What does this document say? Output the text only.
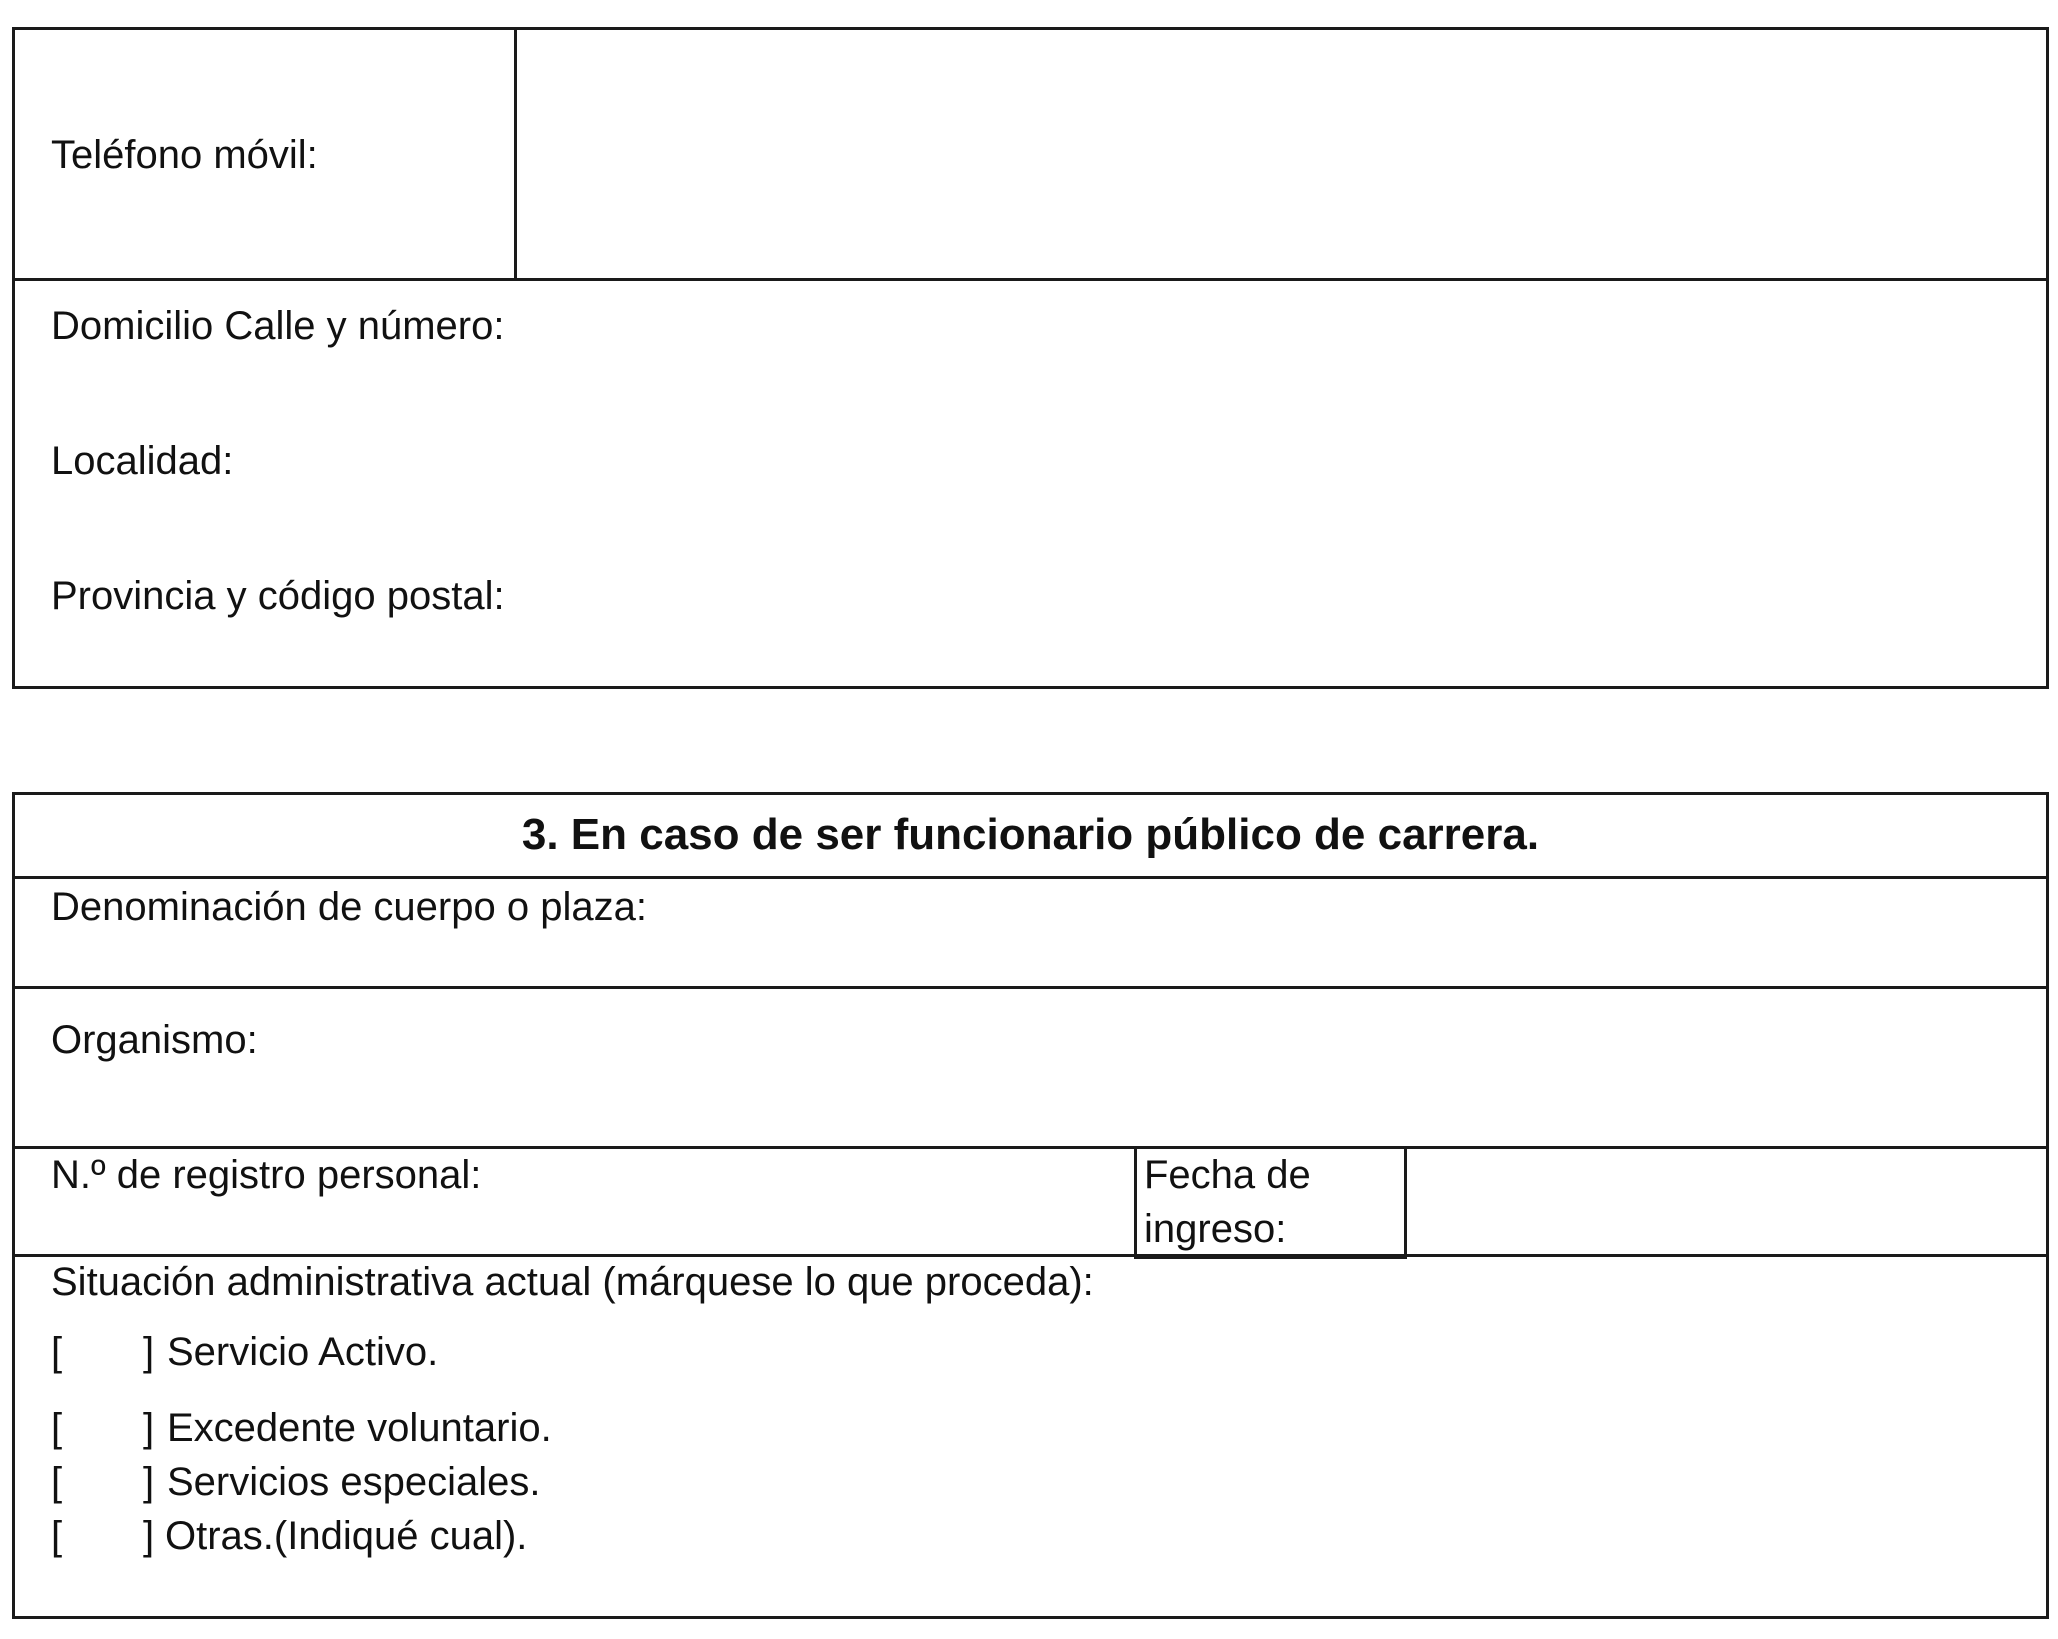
Teléfono móvil:
Domicilio Calle y número:
Localidad:
Provincia y código postal:
3. En caso de ser funcionario público de carrera.
Denominación de cuerpo o plaza:
Organismo:
N.º de registro personal:	Fecha de
ingreso:
Situación administrativa actual (márquese lo que proceda):
[ ] Servicio Activo.
[ ] Excedente voluntario.
[ ] Servicios especiales.
[ ] Otras.(Indiqué cual).
